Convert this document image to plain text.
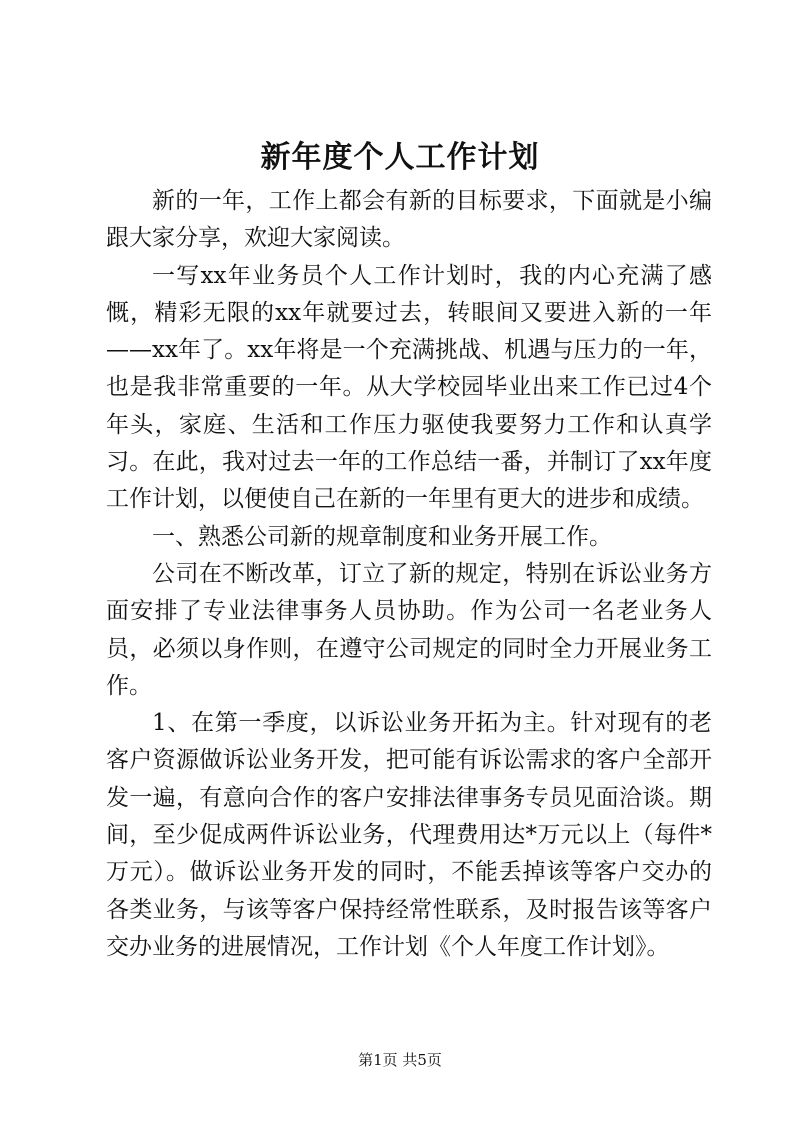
新年度个人工作计划

新的一年，工作上都会有新的目标要求，下面就是小编跟大家分享，欢迎大家阅读。

一写xx年业务员个人工作计划时，我的内心充满了感慨，精彩无限的xx年就要过去，转眼间又要进入新的一年——xx年了。xx年将是一个充满挑战、机遇与压力的一年，也是我非常重要的一年。从大学校园毕业出来工作已过4个年头，家庭、生活和工作压力驱使我要努力工作和认真学习。在此，我对过去一年的工作总结一番，并制订了xx年度工作计划，以便使自己在新的一年里有更大的进步和成绩。

一、熟悉公司新的规章制度和业务开展工作。

公司在不断改革，订立了新的规定，特别在诉讼业务方面安排了专业法律事务人员协助。作为公司一名老业务人员，必须以身作则，在遵守公司规定的同时全力开展业务工作。

1、在第一季度，以诉讼业务开拓为主。针对现有的老客户资源做诉讼业务开发，把可能有诉讼需求的客户全部开发一遍，有意向合作的客户安排法律事务专员见面洽谈。期间，至少促成两件诉讼业务，代理费用达*万元以上（每件*万元）。做诉讼业务开发的同时，不能丢掉该等客户交办的各类业务，与该等客户保持经常性联系，及时报告该等客户交办业务的进展情况，工作计划《个人年度工作计划》。

第1页 共5页
